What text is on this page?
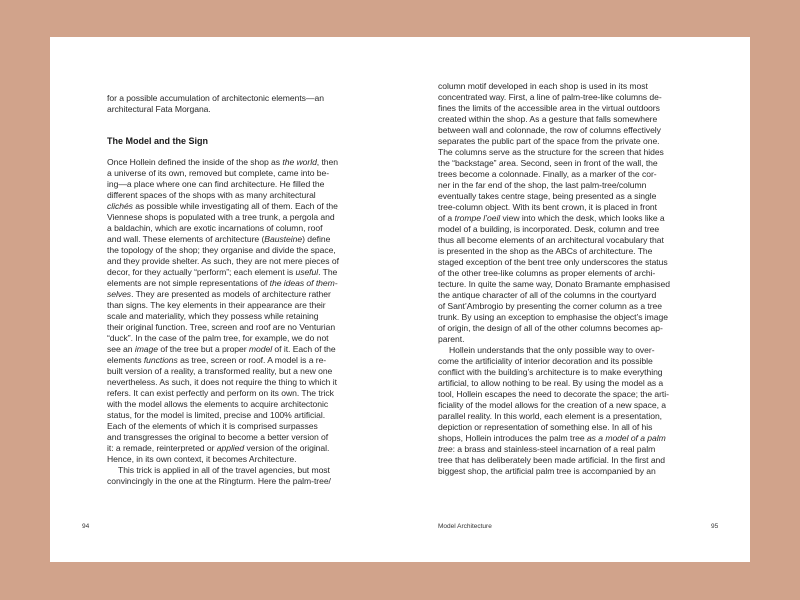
for a possible accumulation of architectonic elements—an
architectural Fata Morgana.
The Model and the Sign
Once Hollein defined the inside of the shop as the world, then
a universe of its own, removed but complete, came into be-
ing—a place where one can find architecture. He filled the
different spaces of the shops with as many architectural
clichés as possible while investigating all of them. Each of the
Viennese shops is populated with a tree trunk, a pergola and
a baldachin, which are exotic incarnations of column, roof
and wall. These elements of architecture (Bausteine) define
the topology of the shop; they organise and divide the space,
and they provide shelter. As such, they are not mere pieces of
decor, for they actually “perform”; each element is useful. The
elements are not simple representations of the ideas of them-
selves. They are presented as models of architecture rather
than signs. The key elements in their appearance are their
scale and materiality, which they possess while retaining
their original function. Tree, screen and roof are no Venturian
“duck”. In the case of the palm tree, for example, we do not
see an image of the tree but a proper model of it. Each of the
elements functions as tree, screen or roof. A model is a re-
built version of a reality, a transformed reality, but a new one
nevertheless. As such, it does not require the thing to which it
refers. It can exist perfectly and perform on its own. The trick
with the model allows the elements to acquire architectonic
status, for the model is limited, precise and 100% artificial.
Each of the elements of which it is comprised surpasses
and transgresses the original to become a better version of
it: a remade, reinterpreted or applied version of the original.
Hence, in its own context, it becomes Architecture.
This trick is applied in all of the travel agencies, but most
convincingly in the one at the Ringturm. Here the palm-tree/
94
column motif developed in each shop is used in its most
concentrated way. First, a line of palm-tree-like columns de-
fines the limits of the accessible area in the virtual outdoors
created within the shop. As a gesture that falls somewhere
between wall and colonnade, the row of columns effectively
separates the public part of the space from the private one.
The columns serve as the structure for the screen that hides
the “backstage” area. Second, seen in front of the wall, the
trees become a colonnade. Finally, as a marker of the cor-
ner in the far end of the shop, the last palm-tree/column
eventually takes centre stage, being presented as a single
tree-column object. With its bent crown, it is placed in front
of a trompe l’oeil view into which the desk, which looks like a
model of a building, is incorporated. Desk, column and tree
thus all become elements of an architectural vocabulary that
is presented in the shop as the ABCs of architecture. The
staged exception of the bent tree only underscores the status
of the other tree-like columns as proper elements of archi-
tecture. In quite the same way, Donato Bramante emphasised
the antique character of all of the columns in the courtyard
of Sant’Ambrogio by presenting the corner column as a tree
trunk. By using an exception to emphasise the object’s image
of origin, the design of all of the other columns becomes ap-
parent.
Hollein understands that the only possible way to over-
come the artificiality of interior decoration and its possible
conflict with the building’s architecture is to make everything
artificial, to allow nothing to be real. By using the model as a
tool, Hollein escapes the need to decorate the space; the arti-
ficiality of the model allows for the creation of a new space, a
parallel reality. In this world, each element is a presentation,
depiction or representation of something else. In all of his
shops, Hollein introduces the palm tree as a model of a palm
tree: a brass and stainless-steel incarnation of a real palm
tree that has deliberately been made artificial. In the first and
biggest shop, the artificial palm tree is accompanied by an
Model Architecture	95
